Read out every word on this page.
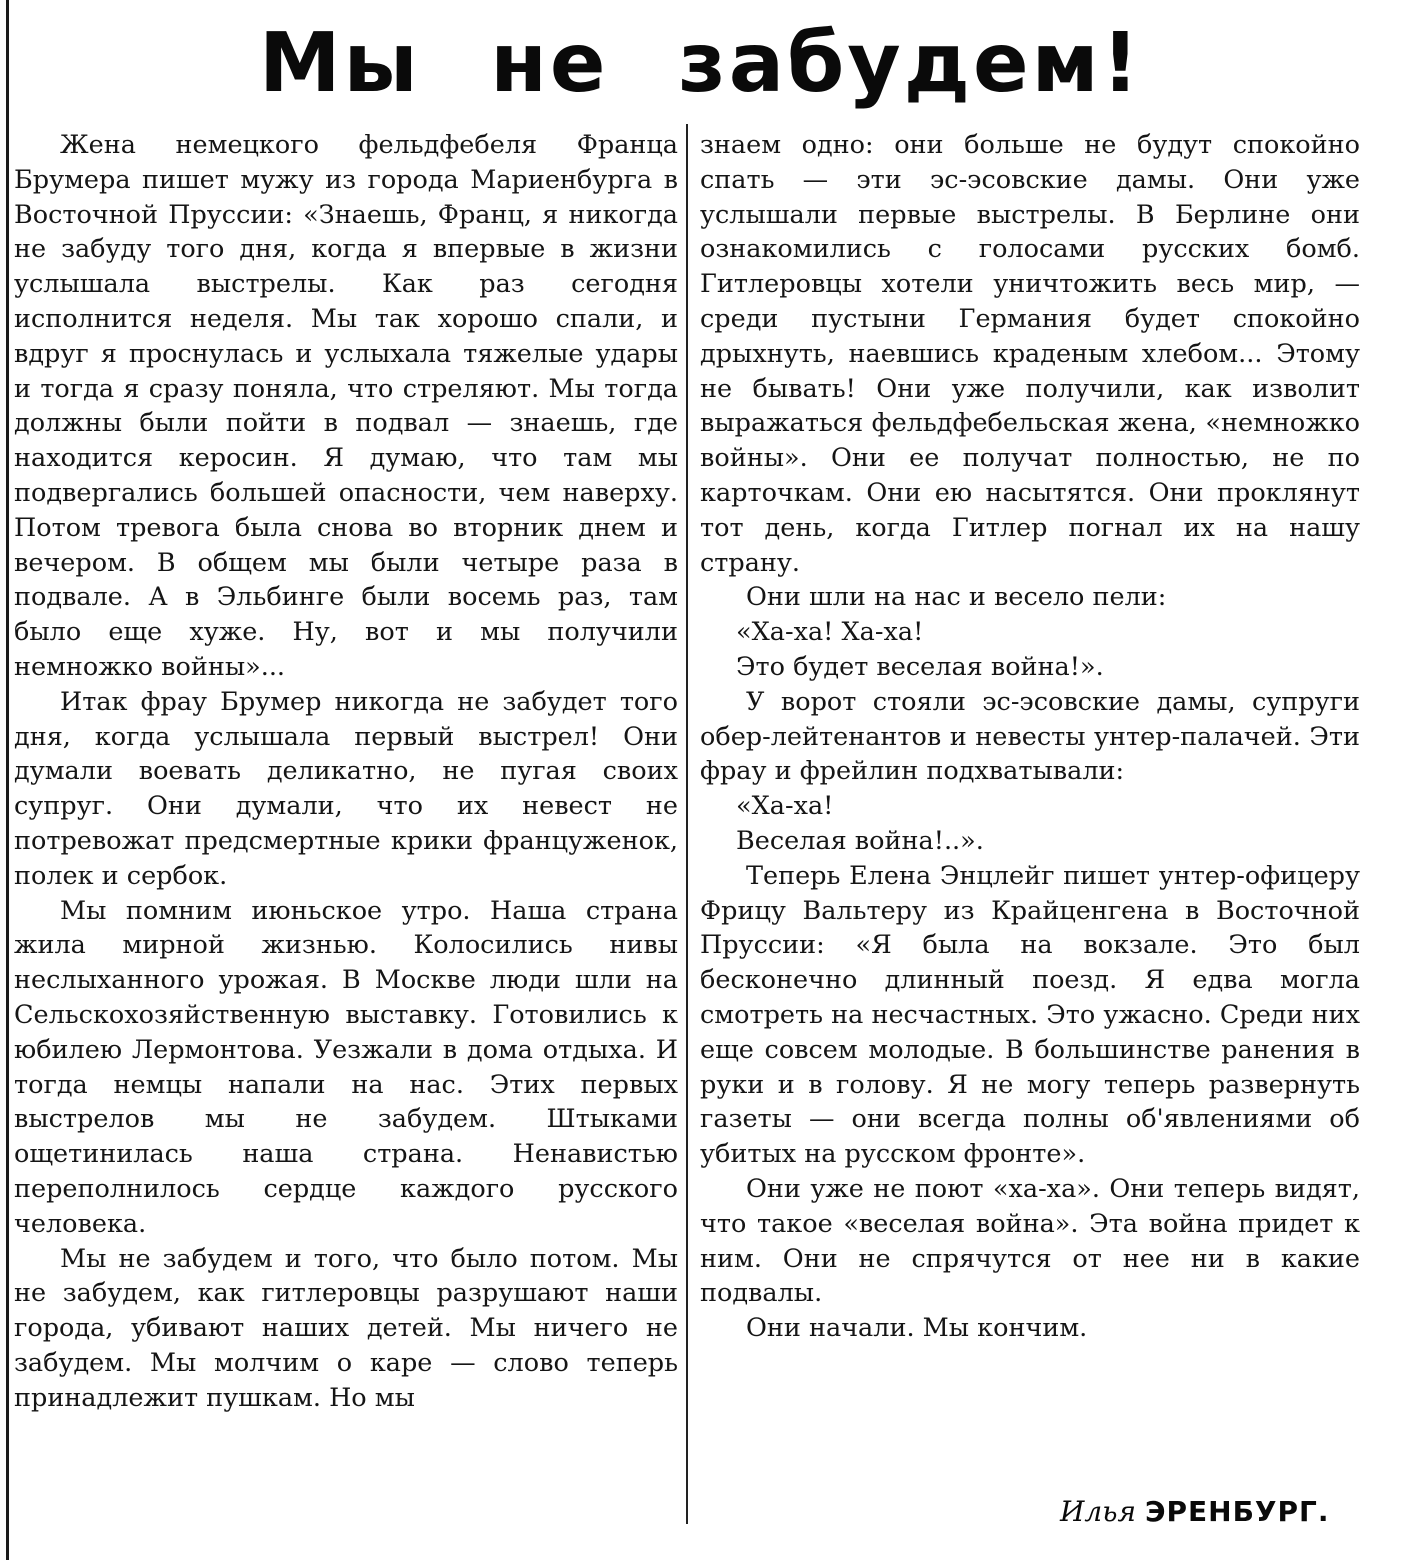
Мы не забудем!

Жена немецкого фельдфебеля Франца Брумера пишет мужу из города Мариенбурга в Восточной Пруссии: «Знаешь, Франц, я никогда не забуду того дня, когда я впервые в жизни услышала выстрелы. Как раз сегодня исполнится неделя. Мы так хорошо спали, и вдруг я проснулась и услыхала тяжелые удары и тогда я сразу поняла, что стреляют. Мы тогда должны были пойти в подвал — знаешь, где находится керосин. Я думаю, что там мы подвергались большей опасности, чем наверху. Потом тревога была снова во вторник днем и вечером. В общем мы были четыре раза в подвале. А в Эльбинге были восемь раз, там было еще хуже. Ну, вот и мы получили немножко войны»...

Итак фрау Брумер никогда не забудет того дня, когда услышала первый выстрел! Они думали воевать деликатно, не пугая своих супруг. Они думали, что их невест не потревожат предсмертные крики француженок, полек и сербок.

Мы помним июньское утро. Наша страна жила мирной жизнью. Колосились нивы неслыханного урожая. В Москве люди шли на Сельскохозяйственную выставку. Готовились к юбилею Лермонтова. Уезжали в дома отдыха. И тогда немцы напали на нас. Этих первых выстрелов мы не забудем. Штыками ощетинилась наша страна. Ненавистью переполнилось сердце каждого русского человека.

Мы не забудем и того, что было потом. Мы не забудем, как гитлеровцы разрушают наши города, убивают наших детей. Мы ничего не забудем. Мы молчим о каре — слово теперь принадлежит пушкам. Но мы

знаем одно: они больше не будут спокойно спать — эти эс-эсовские дамы. Они уже услышали первые выстрелы. В Берлине они ознакомились с голосами русских бомб. Гитлеровцы хотели уничтожить весь мир, — среди пустыни Германия будет спокойно дрыхнуть, наевшись краденым хлебом... Этому не бывать! Они уже получили, как изволит выражаться фельдфебельская жена, «немножко войны». Они ее получат полностью, не по карточкам. Они ею насытятся. Они проклянут тот день, когда Гитлер погнал их на нашу страну.

Они шли на нас и весело пели:

«Ха-ха! Ха-ха!

Это будет веселая война!».

У ворот стояли эс-эсовские дамы, супруги обер-лейтенантов и невесты унтер-палачей. Эти фрау и фрейлин подхватывали:

«Ха-ха!

Веселая война!..».

Теперь Елена Энцлейг пишет унтер-офицеру Фрицу Вальтеру из Крайценгена в Восточной Пруссии: «Я была на вокзале. Это был бесконечно длинный поезд. Я едва могла смотреть на несчастных. Это ужасно. Среди них еще совсем молодые. В большинстве ранения в руки и в голову. Я не могу теперь развернуть газеты — они всегда полны об'явлениями об убитых на русском фронте».

Они уже не поют «ха-ха». Они теперь видят, что такое «веселая война». Эта война придет к ним. Они не спрячутся от нее ни в какие подвалы.

Они начали. Мы кончим.

Илья ЭРЕНБУРГ.
